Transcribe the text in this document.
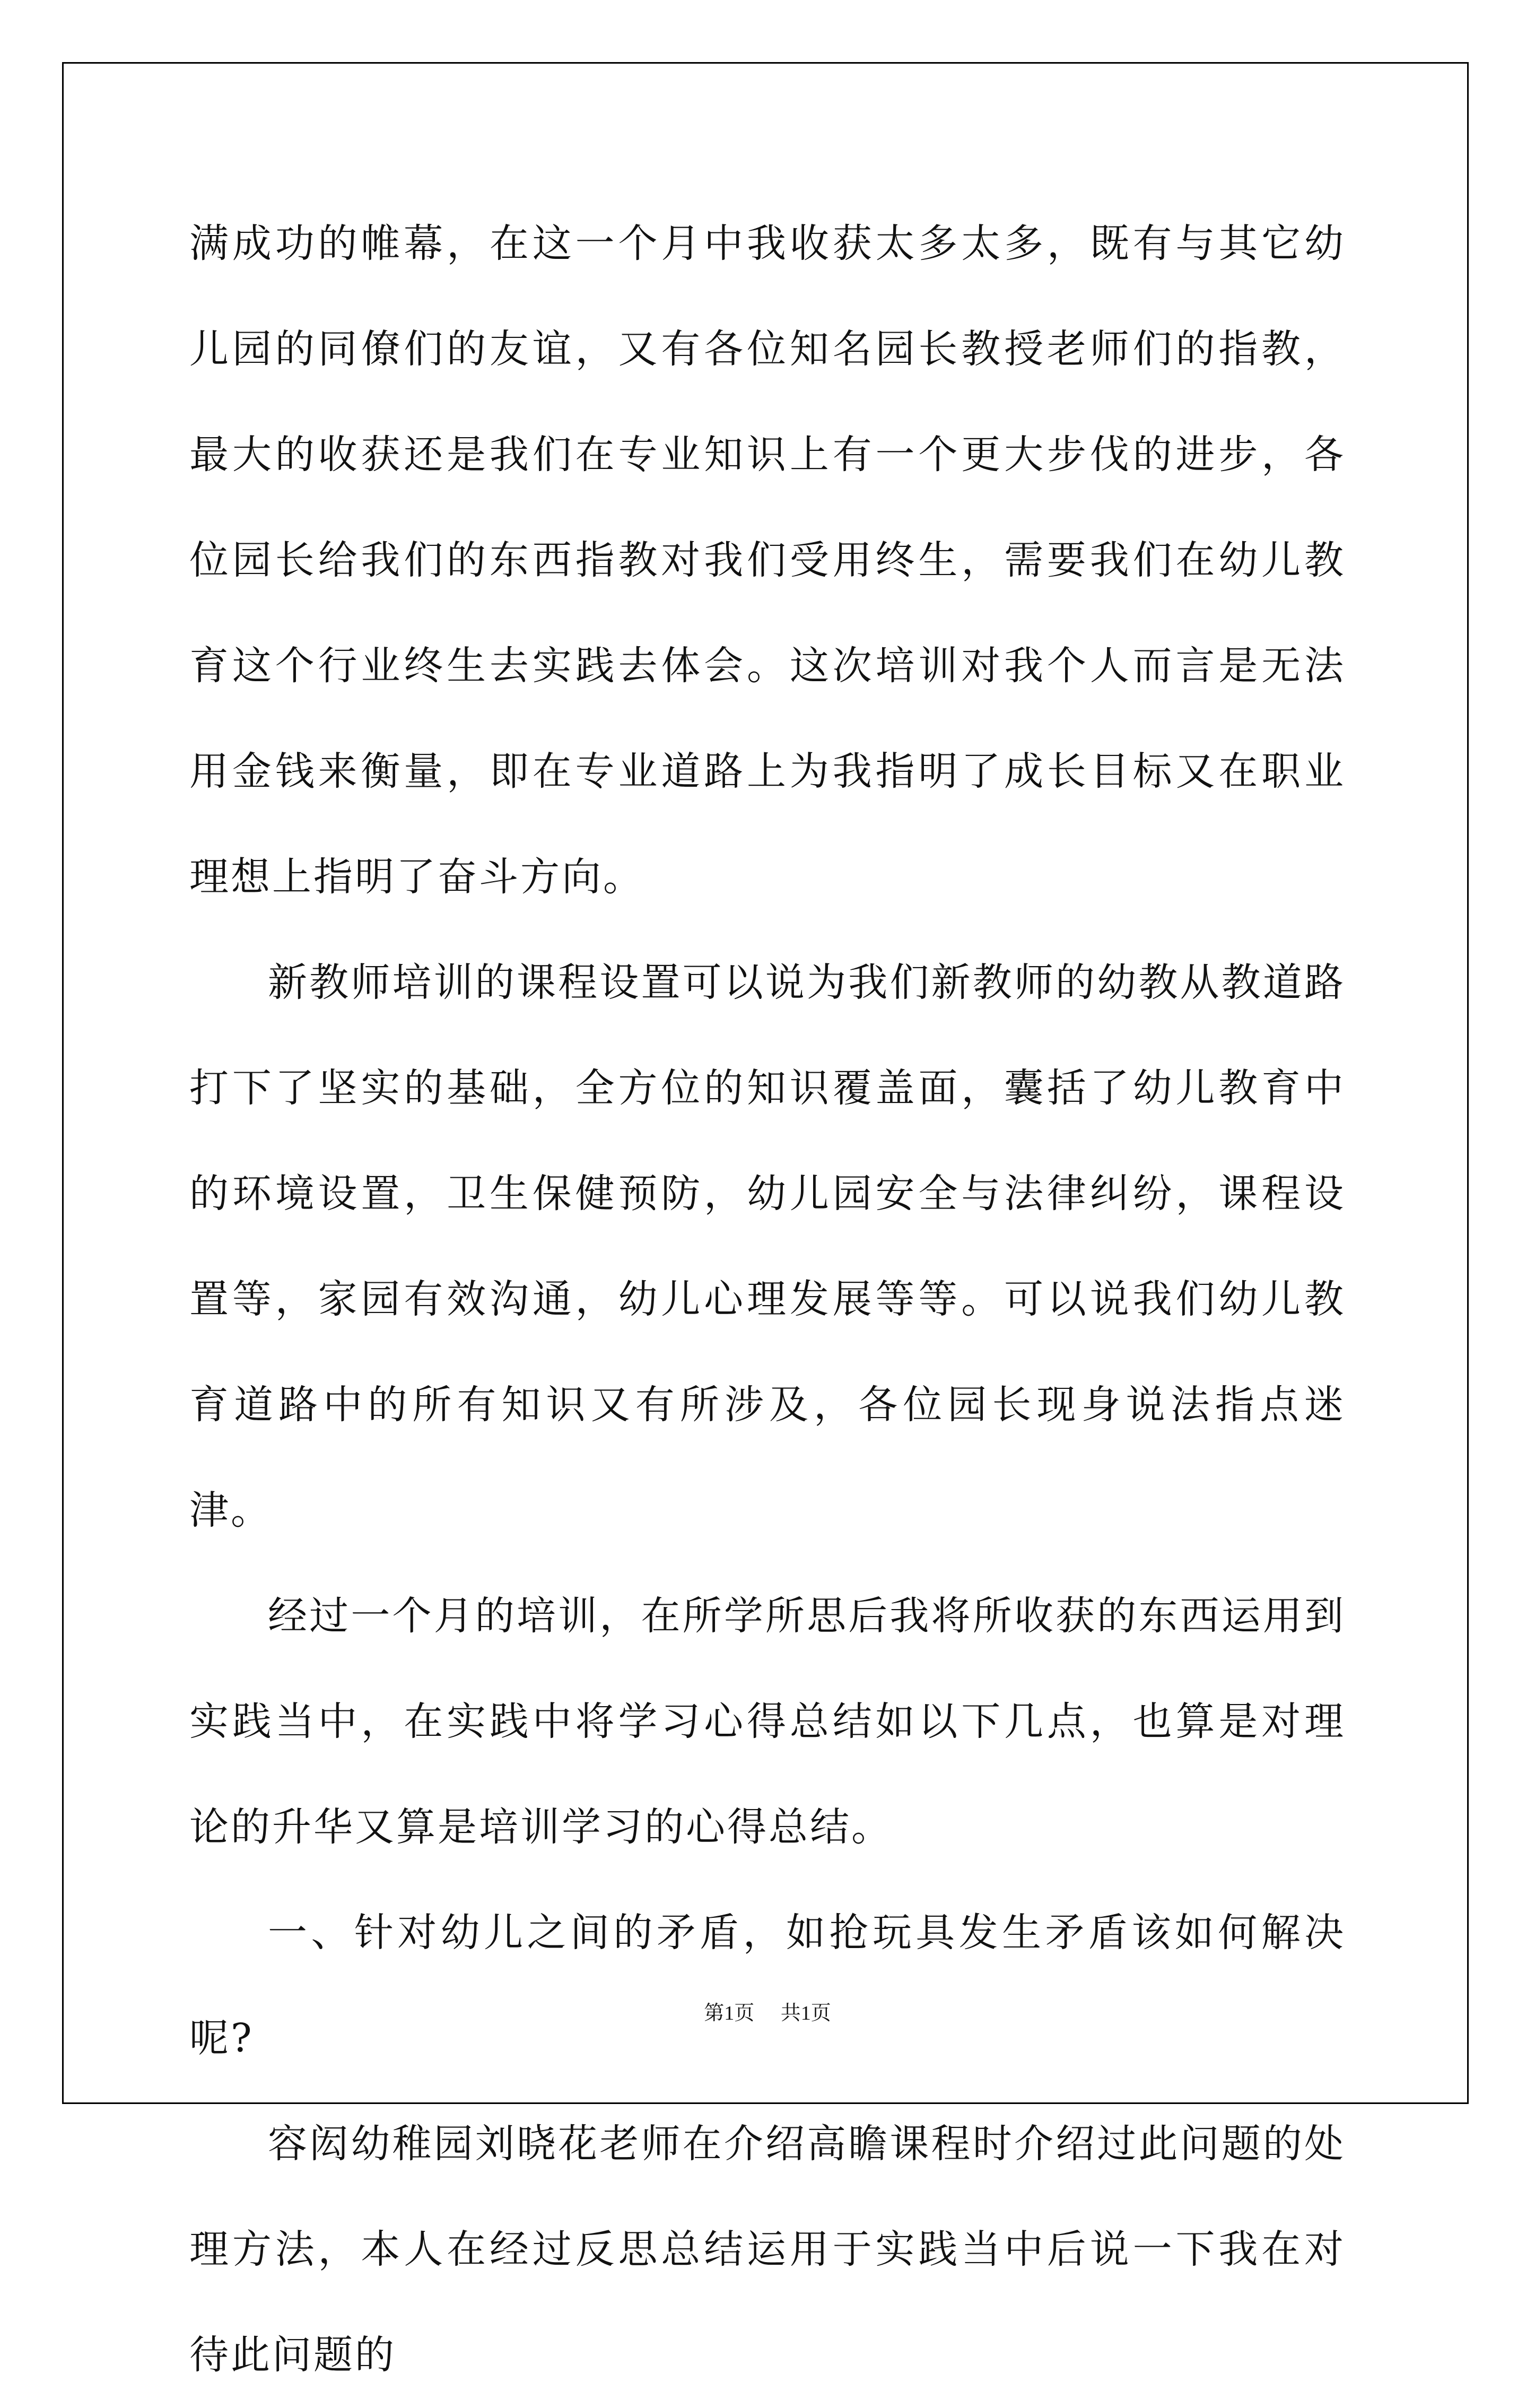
满成功的帷幕，在这一个月中我收获太多太多，既有与其它幼儿园的同僚们的友谊，又有各位知名园长教授老师们的指教，最大的收获还是我们在专业知识上有一个更大步伐的进步，各位园长给我们的东西指教对我们受用终生，需要我们在幼儿教育这个行业终生去实践去体会。这次培训对我个人而言是无法用金钱来衡量，即在专业道路上为我指明了成长目标又在职业理想上指明了奋斗方向。

新教师培训的课程设置可以说为我们新教师的幼教从教道路打下了坚实的基础，全方位的知识覆盖面，囊括了幼儿教育中的环境设置，卫生保健预防，幼儿园安全与法律纠纷，课程设置等，家园有效沟通，幼儿心理发展等等。可以说我们幼儿教育道路中的所有知识又有所涉及，各位园长现身说法指点迷津。

经过一个月的培训，在所学所思后我将所收获的东西运用到实践当中，在实践中将学习心得总结如以下几点，也算是对理论的升华又算是培训学习的心得总结。

一、针对幼儿之间的矛盾，如抢玩具发生矛盾该如何解决呢?

容闳幼稚园刘晓花老师在介绍高瞻课程时介绍过此问题的处理方法，本人在经过反思总结运用于实践当中后说一下我在对待此问题的

第1页 共1页
